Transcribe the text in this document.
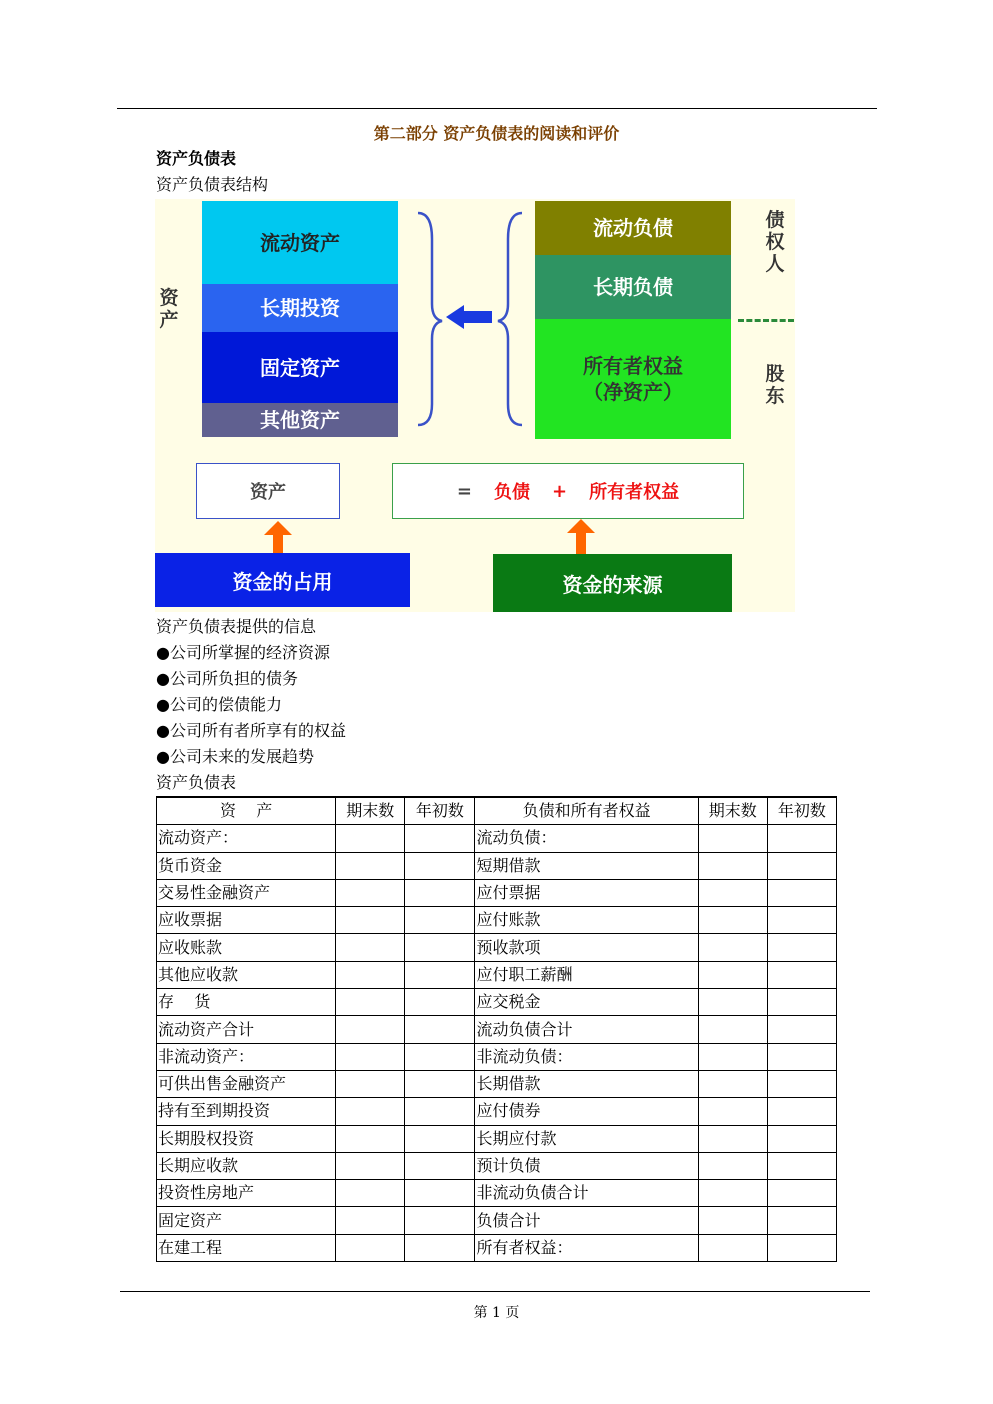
第二部分 资产负债表的阅读和评价
资产负债表
资产负债表结构
资
产
流动资产
长期投资
固定资产
其他资产
流动负债
长期负债
所有者权益
（净资产）
债
权
人
股
东
资产	= 负债 + 所有者权益
资金的占用	资金的来源
资产负债表提供的信息
●公司所掌握的经济资源
●公司所负担的债务
●公司的偿债能力
●公司所有者所享有的权益
●公司未来的发展趋势
资产负债表
资    产	期末数	年初数	负债和所有者权益	期末数	年初数
流动资产：			流动负债：		
货币资金			短期借款		
交易性金融资产			应付票据		
应收票据			应付账款		
应收账款			预收款项		
其他应收款			应付职工薪酬		
存    货			应交税金		
流动资产合计			流动负债合计		
非流动资产：			非流动负债：		
可供出售金融资产			长期借款		
持有至到期投资			应付债券		
长期股权投资			长期应付款		
长期应收款			预计负债		
投资性房地产			非流动负债合计		
固定资产			负债合计		
在建工程			所有者权益：		
第 1 页
